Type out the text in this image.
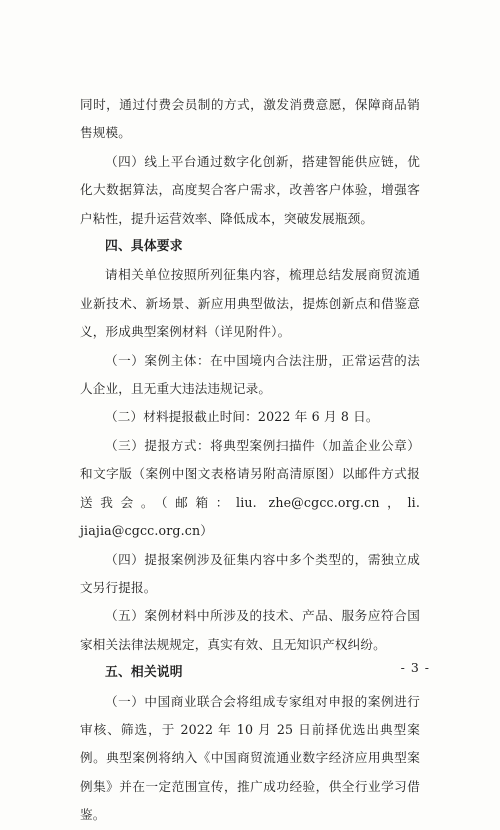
同时，通过付费会员制的方式，激发消费意愿，保障商品销售规模。

（四）线上平台通过数字化创新，搭建智能供应链，优化大数据算法，高度契合客户需求，改善客户体验，增强客户粘性，提升运营效率、降低成本，突破发展瓶颈。

四、具体要求

请相关单位按照所列征集内容，梳理总结发展商贸流通业新技术、新场景、新应用典型做法，提炼创新点和借鉴意义，形成典型案例材料（详见附件）。

（一）案例主体：在中国境内合法注册，正常运营的法人企业，且无重大违法违规记录。

（二）材料提报截止时间：2022 年 6 月 8 日。

（三）提报方式：将典型案例扫描件（加盖企业公章）和文字版（案例中图文表格请另附高清原图）以邮件方式报送我会。（邮箱：liu. zhe@cgcc.org.cn，li. jiajia@cgcc.org.cn）

（四）提报案例涉及征集内容中多个类型的，需独立成文另行提报。

（五）案例材料中所涉及的技术、产品、服务应符合国家相关法律法规规定，真实有效、且无知识产权纠纷。

五、相关说明

（一）中国商业联合会将组成专家组对申报的案例进行审核、筛选，于 2022 年 10 月 25 日前择优选出典型案例。典型案例将纳入《中国商贸流通业数字经济应用典型案例集》并在一定范围宣传，推广成功经验，供全行业学习借鉴。

- 3 -
